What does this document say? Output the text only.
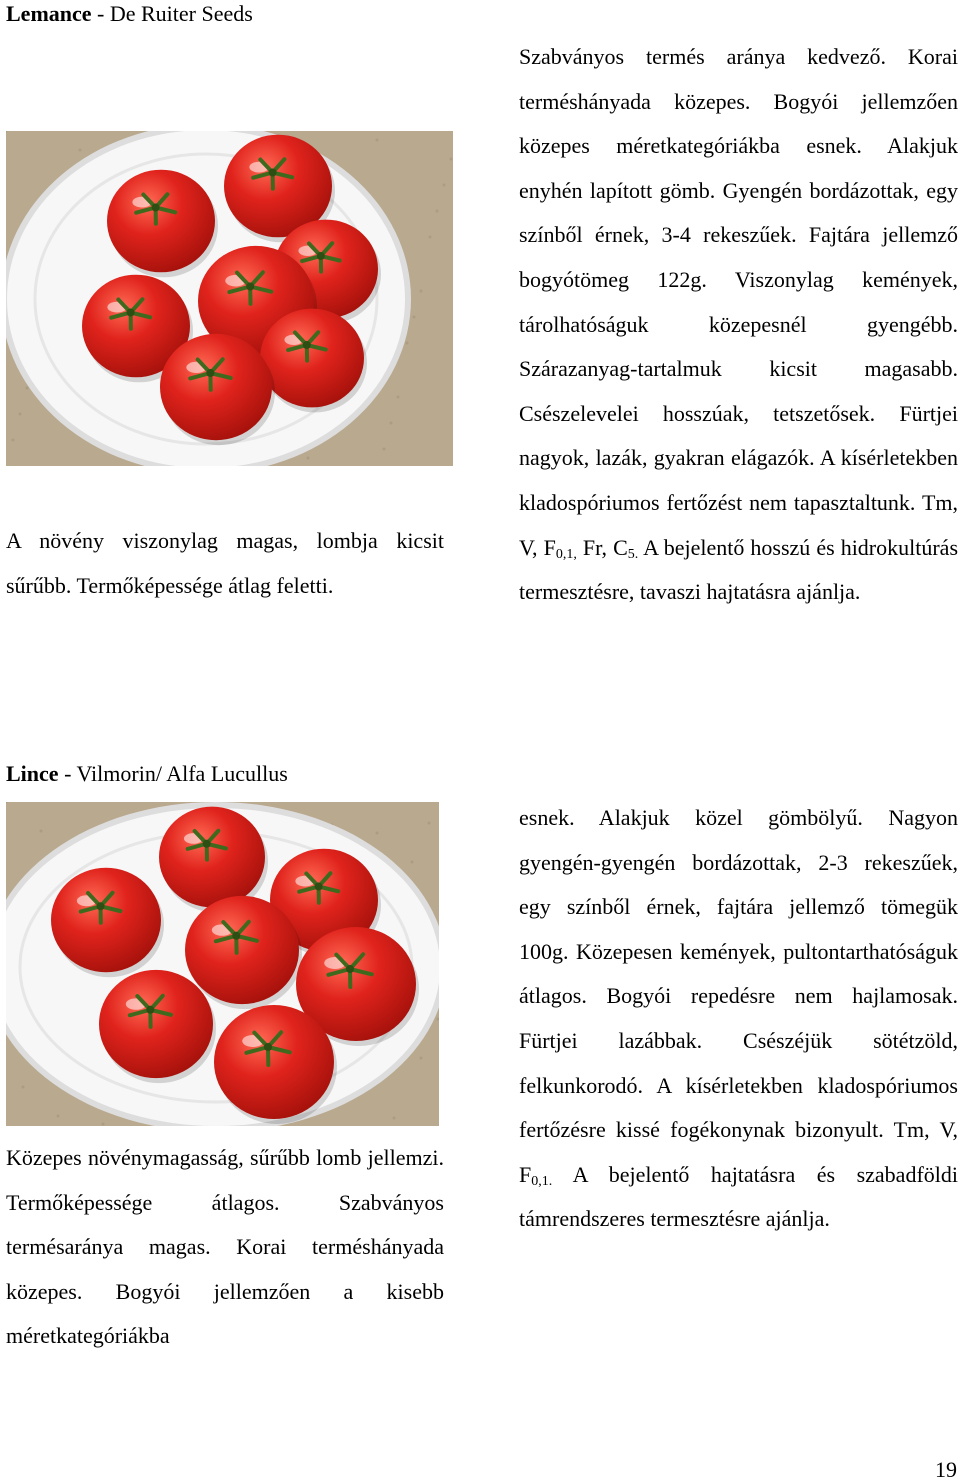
Lemance - De Ruiter Seeds
A növény viszonylag magas, lombja kicsit sűrűbb. Termőképessége átlag feletti.
Szabványos termés aránya kedvező. Korai terméshányada közepes. Bogyói jellemzően közepes méretkategóriákba esnek. Alakjuk enyhén lapított gömb. Gyengén bordázottak, egy színből érnek, 3-4 rekeszűek. Fajtára jellemző bogyótömeg 122g. Viszonylag kemények, tárolhatóságuk közepesnél gyengébb. Szárazanyag-tartalmuk kicsit magasabb. Csészelevelei hosszúak, tetszetősek. Fürtjei nagyok, lazák, gyakran elágazók. A kísérletekben kladospóriumos fertőzést nem tapasztaltunk. Tm, V, $F_{0,1,}$ Fr, $C_{5.}$ A bejelentő hosszú és hidrokultúrás termesztésre, tavaszi hajtatásra ajánlja.
Lince - Vilmorin/ Alfa Lucullus
Közepes növénymagasság, sűrűbb lomb jellemzi. Termőképessége átlagos. Szabványos termésaránya magas. Korai terméshányada közepes. Bogyói jellemzően a kisebb méretkategóriákba
esnek. Alakjuk közel gömbölyű. Nagyon gyengén-gyengén bordázottak, 2-3 rekeszűek, egy színből érnek, fajtára jellemző tömegük 100g. Közepesen kemények, pultontarthatóságuk átlagos. Bogyói repedésre nem hajlamosak. Fürtjei lazábbak. Csészéjük sötétzöld, felkunkorodó. A kísérletekben kladospóriumos fertőzésre kissé fogékonynak bizonyult. Tm, V, $F_{0,1.}$ A bejelentő hajtatásra és szabadföldi támrendszeres termesztésre ajánlja.
19
